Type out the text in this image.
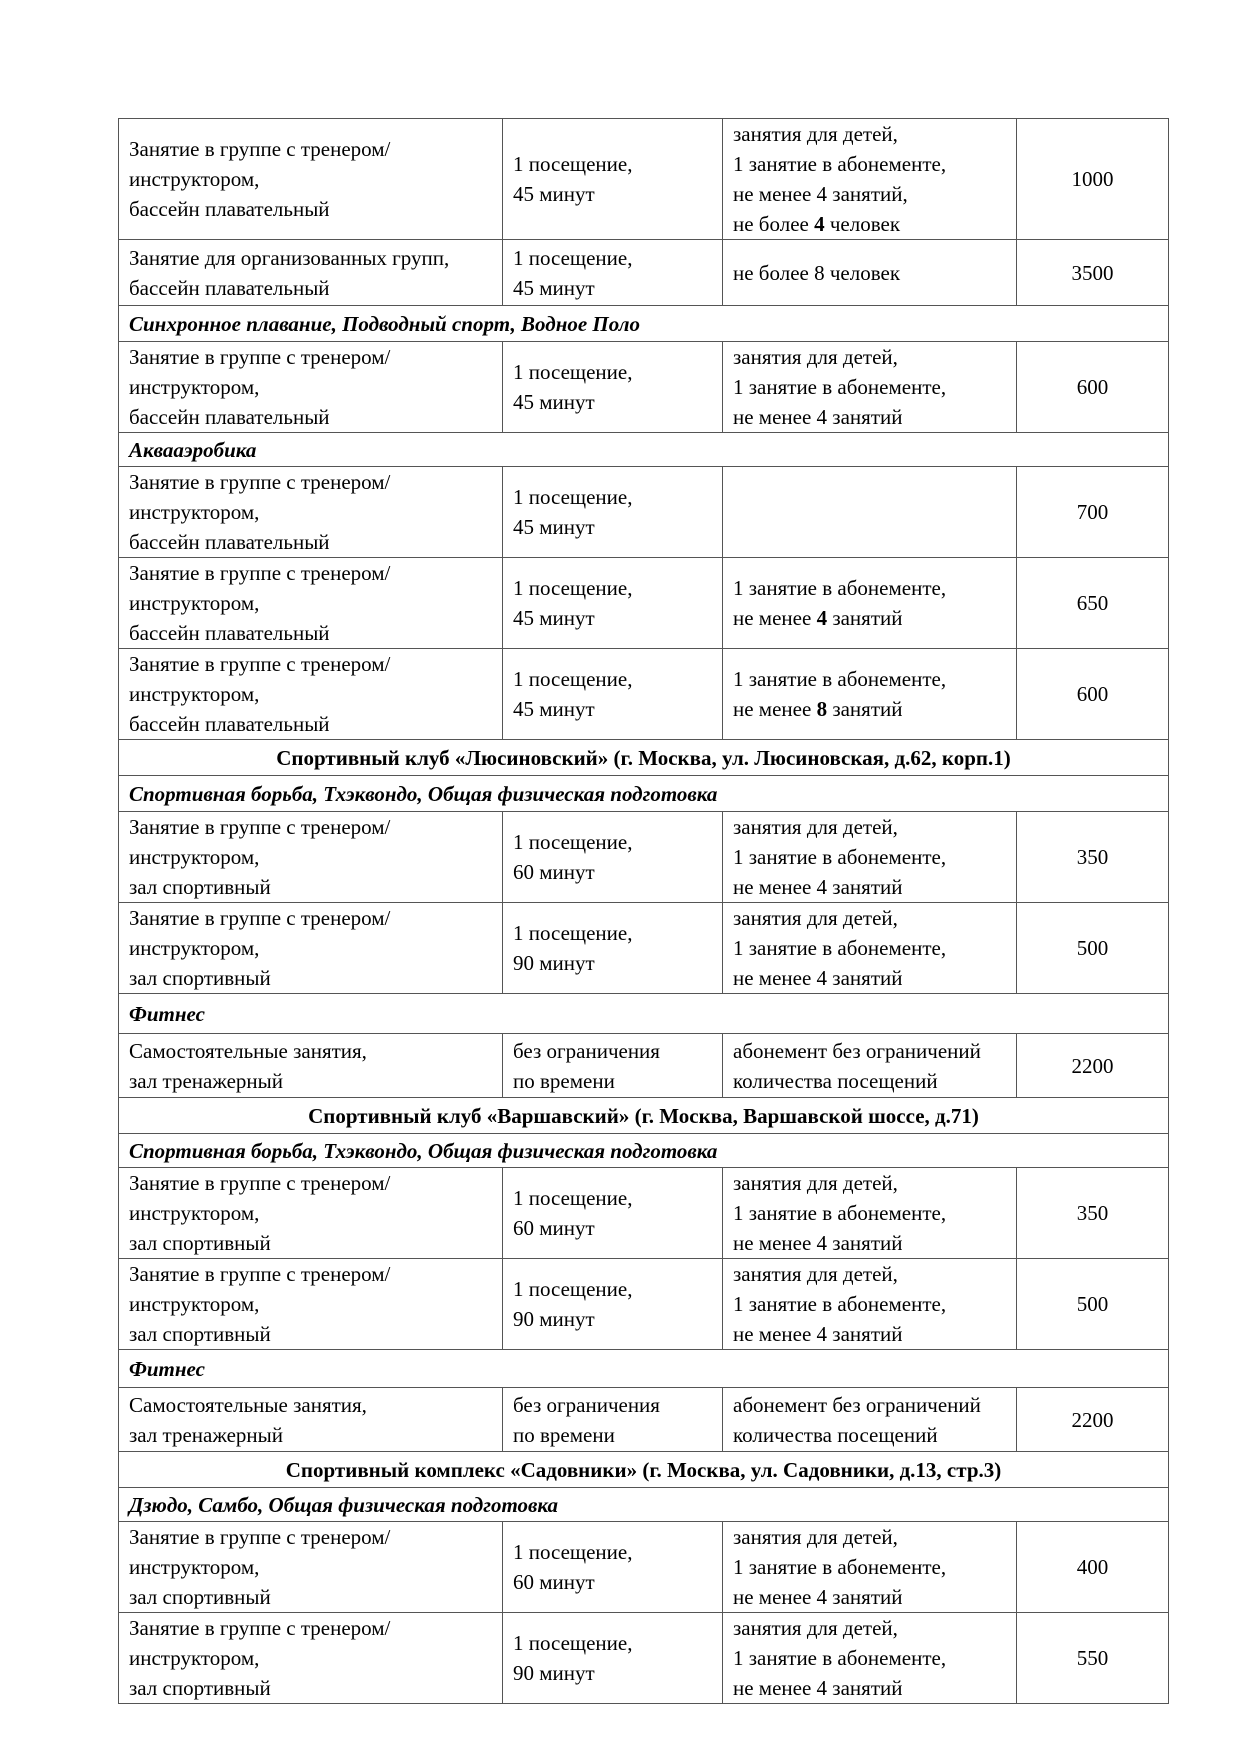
Занятие в группе с тренером/
инструктором,
бассейн плавательный	1 посещение,
45 минут	занятия для детей,
1 занятие в абонементе,
не менее 4 занятий,
не более 4 человек	1000

Занятие для организованных групп,
бассейн плавательный	1 посещение,
45 минут	не более 8 человек	3500
Синхронное плавание, Подводный спорт, Водное Поло			

Занятие в группе с тренером/
инструктором,
бассейн плавательный	1 посещение,
45 минут	занятия для детей,
1 занятие в абонементе,
не менее 4 занятий	600
Аквааэробика			

Занятие в группе с тренером/
инструктором,
бассейн плавательный	1 посещение,
45 минут		700

Занятие в группе с тренером/
инструктором,
бассейн плавательный	1 посещение,
45 минут	1 занятие в абонементе,
не менее 4 занятий	650

Занятие в группе с тренером/
инструктором,
бассейн плавательный	1 посещение,
45 минут	1 занятие в абонементе,
не менее 8 занятий	600
Спортивный клуб «Люсиновский» (г. Москва, ул. Люсиновская, д.62, корп.1)			
Спортивная борьба, Тхэквондо, Общая физическая подготовка			

Занятие в группе с тренером/
инструктором,
зал спортивный	1 посещение,
60 минут	занятия для детей,
1 занятие в абонементе,
не менее 4 занятий	350

Занятие в группе с тренером/
инструктором,
зал спортивный	1 посещение,
90 минут	занятия для детей,
1 занятие в абонементе,
не менее 4 занятий	500
Фитнес			

Самостоятельные занятия,
зал тренажерный	без ограничения
по времени	абонемент без ограничений
количества посещений	2200
Спортивный клуб «Варшавский» (г. Москва, Варшавской шоссе, д.71)			
Спортивная борьба, Тхэквондо, Общая физическая подготовка			

Занятие в группе с тренером/
инструктором,
зал спортивный	1 посещение,
60 минут	занятия для детей,
1 занятие в абонементе,
не менее 4 занятий	350

Занятие в группе с тренером/
инструктором,
зал спортивный	1 посещение,
90 минут	занятия для детей,
1 занятие в абонементе,
не менее 4 занятий	500
Фитнес			

Самостоятельные занятия,
зал тренажерный	без ограничения
по времени	абонемент без ограничений
количества посещений	2200
Спортивный комплекс «Садовники» (г. Москва, ул. Садовники, д.13, стр.3)			
Дзюдо, Самбо, Общая физическая подготовка			

Занятие в группе с тренером/
инструктором,
зал спортивный	1 посещение,
60 минут	занятия для детей,
1 занятие в абонементе,
не менее 4 занятий	400

Занятие в группе с тренером/
инструктором,
зал спортивный	1 посещение,
90 минут	занятия для детей,
1 занятие в абонементе,
не менее 4 занятий	550
